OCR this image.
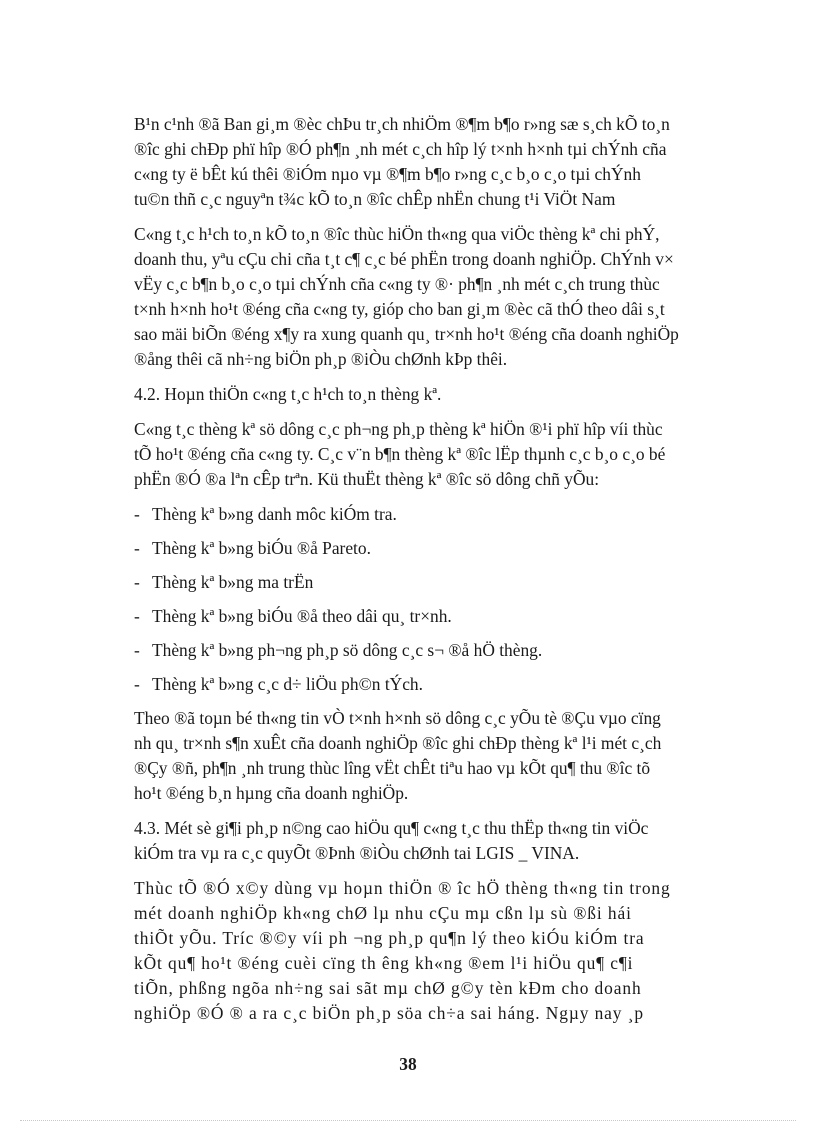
B¹n c¹nh ®ã Ban gi¸m ®èc chÞu tr¸ch nhiÖm ®¶m b¶o r»ng sæ s¸ch kÕ to¸n
®îc ghi chÐp phï hîp ®Ó ph¶n ¸nh mét c¸ch hîp lý t×nh h×nh tµi chÝnh cña
c«ng ty ë bÊt kú thêi ®iÓm nµo vµ ®¶m b¶o r»ng c¸c b¸o c¸o tµi chÝnh
tu©n thñ c¸c nguyªn t¾c kÕ to¸n ®îc chÊp nhËn chung t¹i ViÖt Nam

C«ng t¸c h¹ch to¸n kÕ to¸n ®îc thùc hiÖn th«ng qua viÖc thèng kª chi phÝ,
doanh thu, yªu cÇu chi cña t¸t c¶ c¸c bé phËn trong doanh nghiÖp. ChÝnh v×
vËy c¸c b¶n b¸o c¸o tµi chÝnh cña c«ng ty ®· ph¶n ¸nh mét c¸ch trung thùc
t×nh h×nh ho¹t ®éng cña c«ng ty, gióp cho ban gi¸m ®èc cã thÓ theo dâi s¸t
sao mäi biÕn ®éng x¶y ra xung quanh qu¸ tr×nh ho¹t ®éng cña doanh nghiÖp
®ång thêi cã nh÷ng biÖn ph¸p ®iÒu chØnh kÞp thêi.

4.2. Hoµn thiÖn c«ng t¸c h¹ch to¸n thèng kª.

C«ng t¸c thèng kª sö dông c¸c ph¬ng ph¸p thèng kª hiÖn ®¹i phï hîp víi thùc
tÕ ho¹t ®éng cña c«ng ty. C¸c v¨n b¶n thèng kª ®îc lËp thµnh c¸c b¸o c¸o bé
phËn ®Ó ®a lªn cÊp trªn. Kü thuËt thèng kª ®îc sö dông chñ yÕu:

- Thèng kª b»ng danh môc kiÓm tra.
- Thèng kª b»ng biÓu ®å Pareto.
- Thèng kª b»ng ma trËn
- Thèng kª b»ng biÓu ®å theo dâi qu¸ tr×nh.
- Thèng kª b»ng ph¬ng ph¸p sö dông c¸c s¬ ®å hÖ thèng.
- Thèng kª b»ng c¸c d÷ liÖu ph©n tÝch.

Theo ®ã toµn bé th«ng tin vÒ t×nh h×nh sö dông c¸c yÕu tè ®Çu vµo cïng
nh qu¸ tr×nh s¶n xuÊt cña doanh nghiÖp ®îc ghi chÐp thèng kª l¹i mét c¸ch
®Çy ®ñ, ph¶n ¸nh trung thùc lîng vËt chÊt tiªu hao vµ kÕt qu¶ thu ®îc tõ
ho¹t ®éng b¸n hµng cña doanh nghiÖp.

4.3. Mét sè gi¶i ph¸p n©ng cao hiÖu qu¶ c«ng t¸c thu thËp th«ng tin viÖc
kiÓm tra vµ ra c¸c quyÕt ®Þnh ®iÒu chØnh tai LGIS _ VINA.

Thùc tÕ ®Ó x©y dùng vµ hoµn thiÖn ® îc hÖ thèng th«ng tin trong
mét doanh nghiÖp kh«ng chØ lµ nhu cÇu mµ cßn lµ sù ®ßi hái
thiÕt yÕu. Tríc ®©y víi ph ¬ng ph¸p qu¶n lý theo kiÓu kiÓm tra
kÕt qu¶ ho¹t ®éng cuèi cïng th êng kh«ng ®em l¹i hiÖu qu¶ c¶i
tiÕn, phßng ngõa nh÷ng sai sãt mµ chØ g©y tèn kÐm cho doanh
nghiÖp ®Ó ® a ra c¸c biÖn ph¸p söa ch÷a sai háng. Ngµy nay ¸p

38
